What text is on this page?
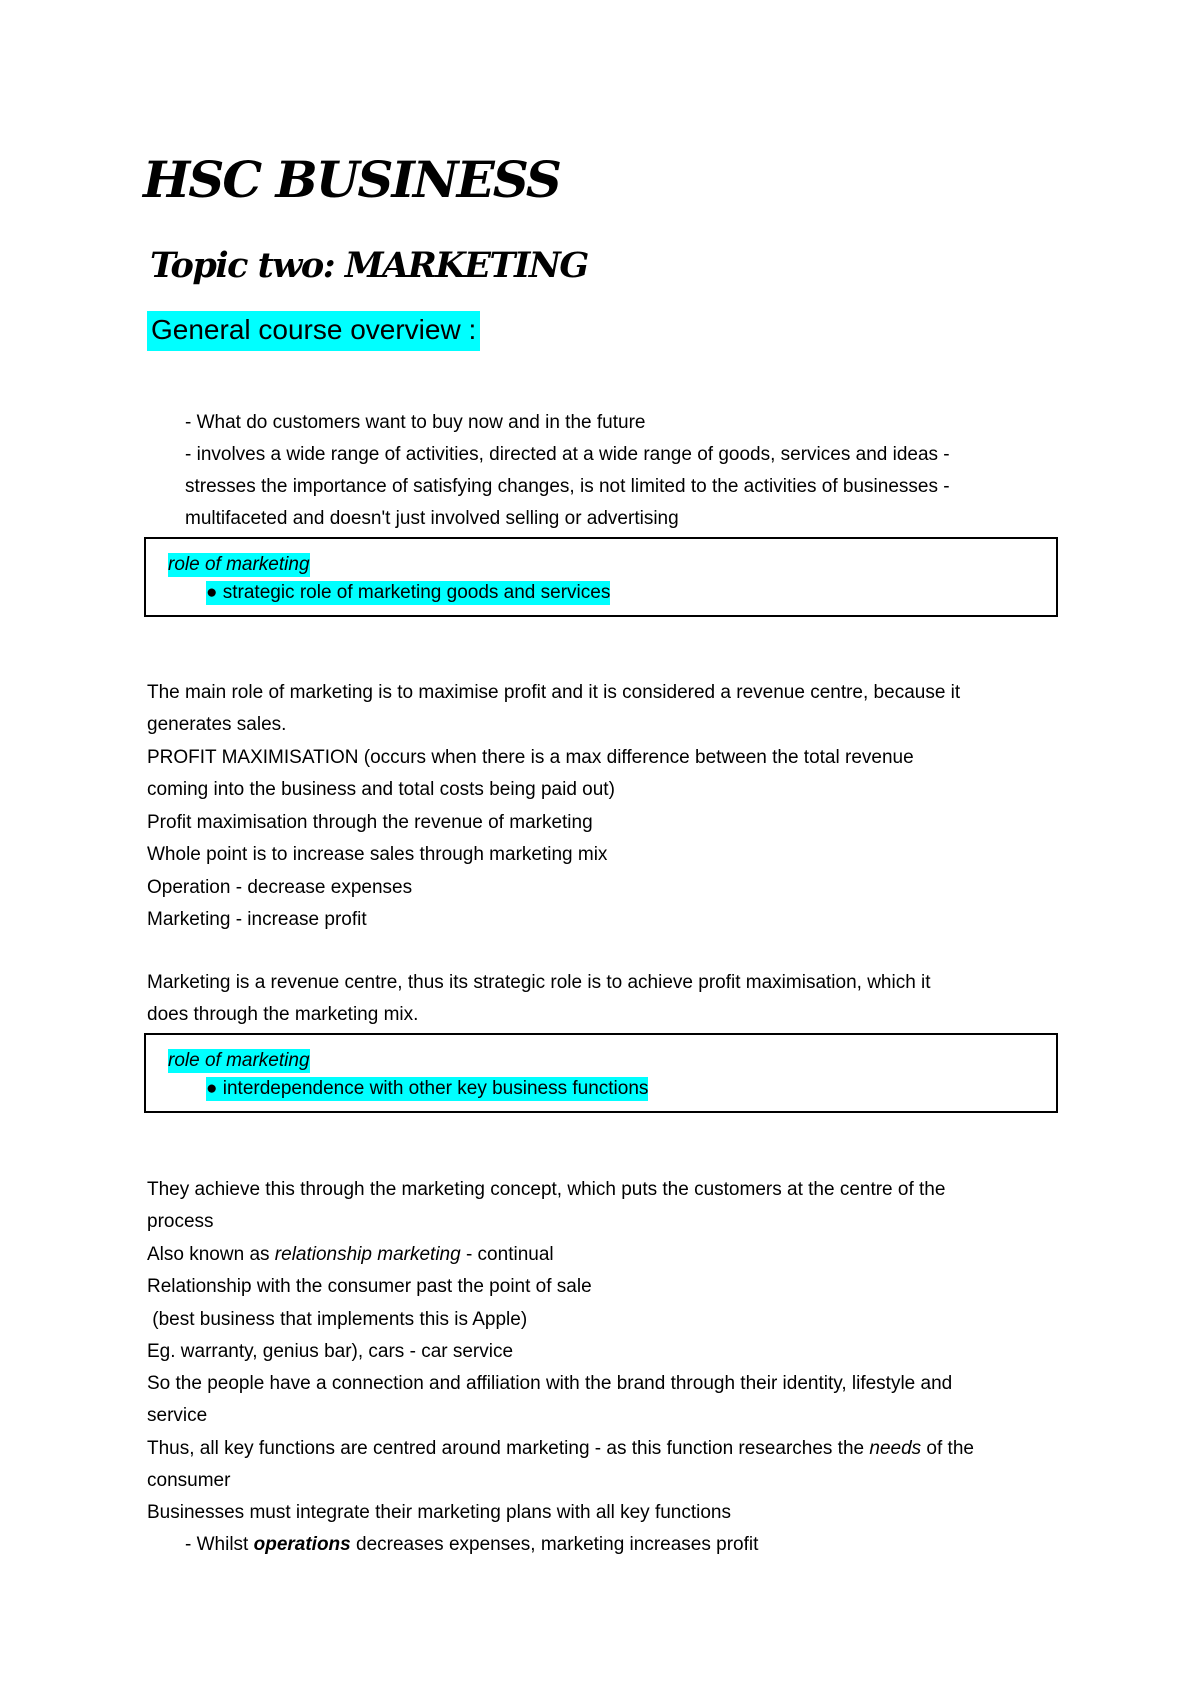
HSC BUSINESS
Topic two: MARKETING
General course overview :
- What do customers want to buy now and in the future
- involves a wide range of activities, directed at a wide range of goods, services and ideas -
stresses the importance of satisfying changes, is not limited to the activities of businesses -
multifaceted and doesn't just involved selling or advertising
role of marketing
● strategic role of marketing goods and services
The main role of marketing is to maximise profit and it is considered a revenue centre, because it
generates sales.
PROFIT MAXIMISATION (occurs when there is a max difference between the total revenue
coming into the business and total costs being paid out)
Profit maximisation through the revenue of marketing
Whole point is to increase sales through marketing mix
Operation - decrease expenses
Marketing - increase profit
Marketing is a revenue centre, thus its strategic role is to achieve profit maximisation, which it
does through the marketing mix.
role of marketing
● interdependence with other key business functions
They achieve this through the marketing concept, which puts the customers at the centre of the
process
Also known as relationship marketing - continual
Relationship with the consumer past the point of sale
(best business that implements this is Apple)
Eg. warranty, genius bar), cars - car service
So the people have a connection and affiliation with the brand through their identity, lifestyle and
service
Thus, all key functions are centred around marketing - as this function researches the needs of the
consumer
Businesses must integrate their marketing plans with all key functions
- Whilst operations decreases expenses, marketing increases profit
